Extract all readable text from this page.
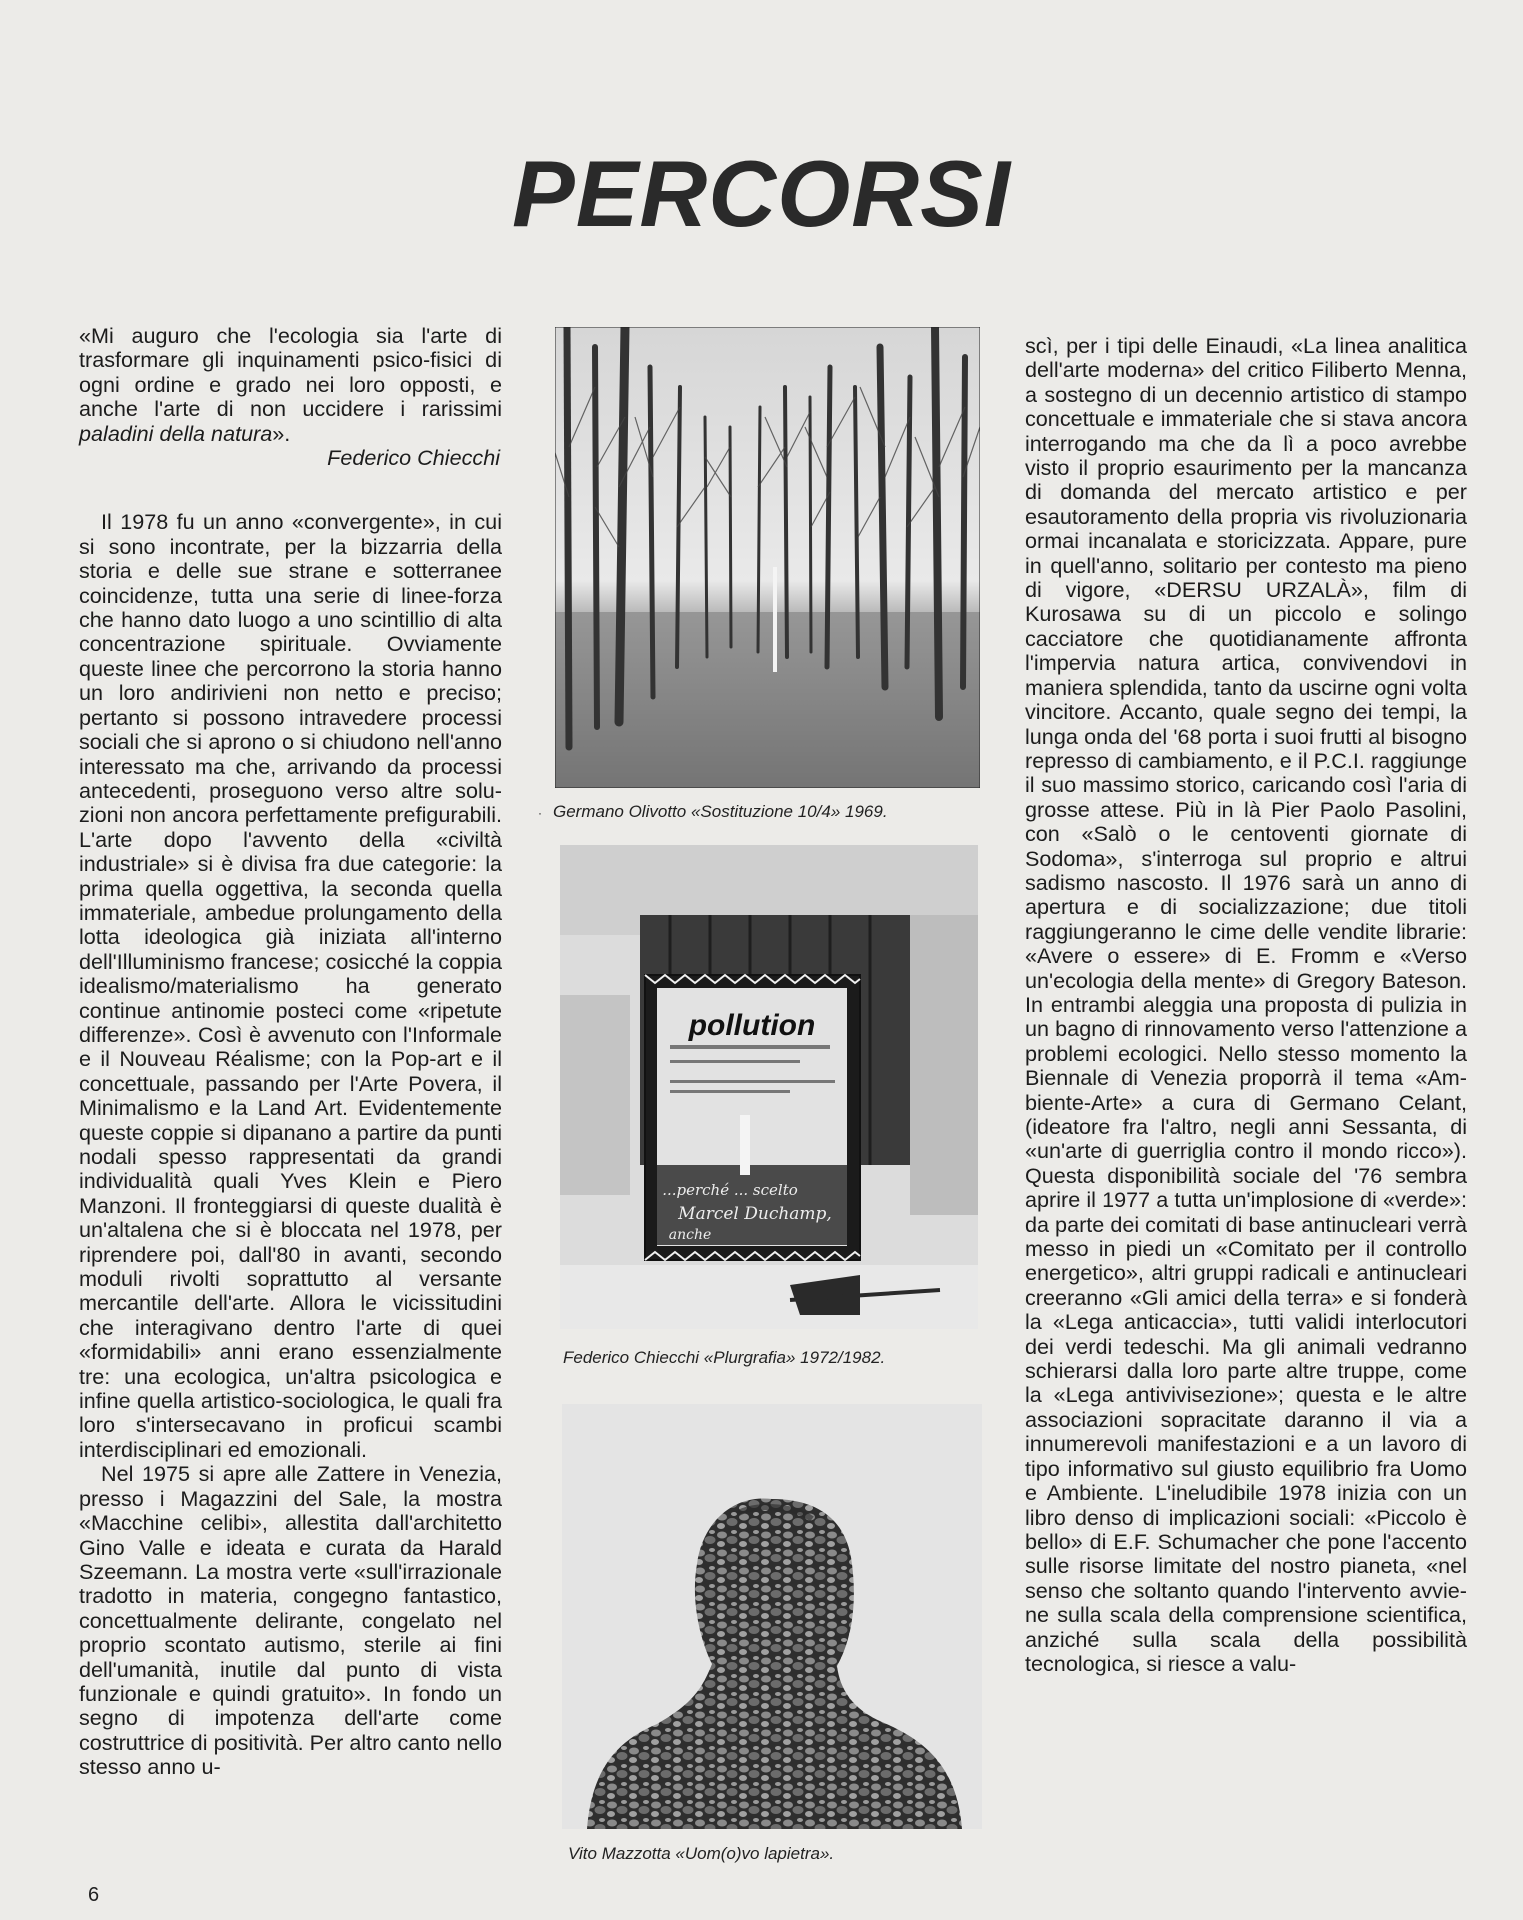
PERCORSI

«Mi auguro che l'ecologia sia l'arte di trasformare gli inquinamenti psico-fisici di ogni ordine e grado nei loro opposti, e anche l'arte di non uccidere i rarissimi paladini della natura».

Federico Chiecchi

Il 1978 fu un anno «convergente», in cui si sono incontrate, per la bizzarria della storia e delle sue strane e sotterranee coincidenze, tutta una serie di linee-forza che hanno dato luogo a uno scintillio di alta concentrazione spirituale. Ovviamente queste linee che percorrono la storia hanno un loro andirivieni non netto e preciso; pertanto si possono intravedere processi sociali che si aprono o si chiudono nell'anno interessato ma che, arrivando da processi antecedenti, proseguono verso altre soluzioni non ancora perfettamente prefigurabili. L'arte dopo l'avvento della «civiltà industriale» si è divisa fra due categorie: la prima quella oggettiva, la seconda quella immateriale, ambedue prolungamento della lotta ideologica già iniziata all'interno dell'Illuminismo francese; cosicché la coppia idealismo/materialismo ha generato continue antinomie posteci come «ripetute differenze». Così è avvenuto con l'Informale e il Nouveau Réalisme; con la Pop-art e il concettuale, passando per l'Arte Povera, il Minimalismo e la Land Art. Evidentemente queste coppie si dipanano a partire da punti nodali spesso rappresentati da grandi individualità quali Yves Klein e Piero Manzoni. Il fronteggiarsi di queste dualità è un'altalena che si è bloccata nel 1978, per riprendere poi, dall'80 in avanti, secondo moduli rivolti soprattutto al versante mercantile dell'arte. Allora le vicissitudini che interagivano dentro l'arte di quei «formidabili» anni erano essenzialmente tre: una ecologica, un'altra psicologica e infine quella artistico-sociologica, le quali fra loro s'intersecavano in proficui scambi interdisciplinari ed emozionali.

Nel 1975 si apre alle Zattere in Venezia, presso i Magazzini del Sale, la mostra «Macchine celibi», allestita dall'architetto Gino Valle e ideata e curata da Harald Szeemann. La mostra verte «sull'irrazionale tradotto in materia, congegno fantastico, concettualmente delirante, congelato nel proprio scontato autismo, sterile ai fini dell'umanità, inutile dal punto di vista funzionale e quindi gratuito». In fondo un segno di impotenza dell'arte come costruttrice di positività. Per altro canto nello stesso anno u-

scì, per i tipi delle Einaudi, «La linea analitica dell'arte moderna» del critico Filiberto Menna, a sostegno di un decennio artistico di stampo concettuale e immateriale che si stava ancora interrogando ma che da lì a poco avrebbe visto il proprio esaurimento per la mancanza di domanda del mercato artistico e per esautoramento della propria vis rivoluzionaria ormai incanalata e storicizzata. Appare, pure in quell'anno, solitario per contesto ma pieno di vigore, «DERSU URZALÀ», film di Kurosawa su di un piccolo e solingo cacciatore che quotidianamente affronta l'impervia natura artica, convivendovi in maniera splendida, tanto da uscirne ogni volta vincitore. Accanto, quale segno dei tempi, la lunga onda del '68 porta i suoi frutti al bisogno represso di cambiamento, e il P.C.I. raggiunge il suo massimo storico, caricando così l'aria di grosse attese. Più in là Pier Paolo Pasolini, con «Salò o le centoventi giornate di Sodoma», s'interroga sul proprio e altrui sadismo nascosto. Il 1976 sarà un anno di apertura e di socializzazione; due titoli raggiungeranno le cime delle vendite librarie: «Avere o essere» di E. Fromm e «Verso un'ecologia della mente» di Gregory Bateson. In entrambi aleggia una proposta di pulizia in un bagno di rinnovamento verso l'attenzione a problemi ecologici. Nello stesso momento la Biennale di Venezia proporrà il tema «Ambiente-Arte» a cura di Germano Celant, (ideatore fra l'altro, negli anni Sessanta, di «un'arte di guerriglia contro il mondo ricco»). Questa disponibilità sociale del '76 sembra aprire il 1977 a tutta un'implosione di «verde»: da parte dei comitati di base antinucleari verrà messo in piedi un «Comitato per il controllo energetico», altri gruppi radicali e antinucleari creeranno «Gli amici della terra» e si fonderà la «Lega anticaccia», tutti validi interlocutori dei verdi tedeschi. Ma gli animali vedranno schierarsi dalla loro parte altre truppe, come la «Lega antivivisezione»; questa e le altre associazioni sopracitate daranno il via a innumerevoli manifestazioni e a un lavoro di tipo informativo sul giusto equilibrio fra Uomo e Ambiente. L'ineludibile 1978 inizia con un libro denso di implicazioni sociali: «Piccolo è bello» di E.F. Schumacher che pone l'accento sulle risorse limitate del nostro pianeta, «nel senso che soltanto quando l'intervento avviene sulla scala della comprensione scientifica, anziché sulla scala della possibilità tecnologica, si riesce a valu-

· Germano Olivotto «Sostituzione 10/4» 1969.
pollution
...perché ... scelto
Marcel Duchamp,
anche
Federico Chiecchi «Plurgrafia» 1972/1982.
Vito Mazzotta «Uom(o)vo lapietra».
6
